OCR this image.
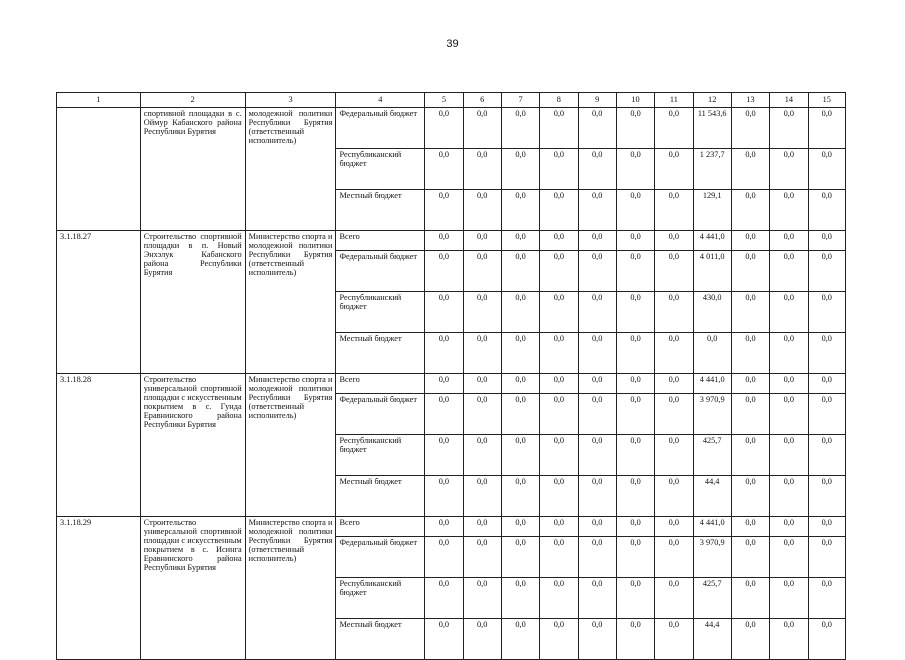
39
1	2	3	4	5	6	7	8	9	10	11	12	13	14	15
	спортивной площадки в с. Оймур Кабанского района Республики Бурятия	молодежной политики Республики Бурятия (ответственный исполнитель)	Федеральный бюджет	0,0	0,0	0,0	0,0	0,0	0,0	0,0	11 543,6	0,0	0,0	0,0
			Республиканский бюджет	0,0	0,0	0,0	0,0	0,0	0,0	0,0	1 237,7	0,0	0,0	0,0
			Местный бюджет	0,0	0,0	0,0	0,0	0,0	0,0	0,0	129,1	0,0	0,0	0,0
3.1.18.27	Строительство спортивной площадки в п. Новый Энхэлук Кабанского района Республики Бурятия	Министерство спорта и молодежной политики Республики Бурятия (ответственный исполнитель)	Всего	0,0	0,0	0,0	0,0	0,0	0,0	0,0	4 441,0	0,0	0,0	0,0
			Федеральный бюджет	0,0	0,0	0,0	0,0	0,0	0,0	0,0	4 011,0	0,0	0,0	0,0
			Республиканский бюджет	0,0	0,0	0,0	0,0	0,0	0,0	0,0	430,0	0,0	0,0	0,0
			Местный бюджет	0,0	0,0	0,0	0,0	0,0	0,0	0,0	0,0	0,0	0,0	0,0
3.1.18.28	Строительство универсальной спортивной площадки с искусственным покрытием в с. Гунда Еравнинского района Республики Бурятия	Министерство спорта и молодежной политики Республики Бурятия (ответственный исполнитель)	Всего	0,0	0,0	0,0	0,0	0,0	0,0	0,0	4 441,0	0,0	0,0	0,0
			Федеральный бюджет	0,0	0,0	0,0	0,0	0,0	0,0	0,0	3 970,9	0,0	0,0	0,0
			Республиканский бюджет	0,0	0,0	0,0	0,0	0,0	0,0	0,0	425,7	0,0	0,0	0,0
			Местный бюджет	0,0	0,0	0,0	0,0	0,0	0,0	0,0	44,4	0,0	0,0	0,0
3.1.18.29	Строительство универсальной спортивной площадки с искусственным покрытием в с. Исинга Еравнинского района Республики Бурятия	Министерство спорта и молодежной политики Республики Бурятия (ответственный исполнитель)	Всего	0,0	0,0	0,0	0,0	0,0	0,0	0,0	4 441,0	0,0	0,0	0,0
			Федеральный бюджет	0,0	0,0	0,0	0,0	0,0	0,0	0,0	3 970,9	0,0	0,0	0,0
			Республиканский бюджет	0,0	0,0	0,0	0,0	0,0	0,0	0,0	425,7	0,0	0,0	0,0
			Местный бюджет	0,0	0,0	0,0	0,0	0,0	0,0	0,0	44,4	0,0	0,0	0,0
